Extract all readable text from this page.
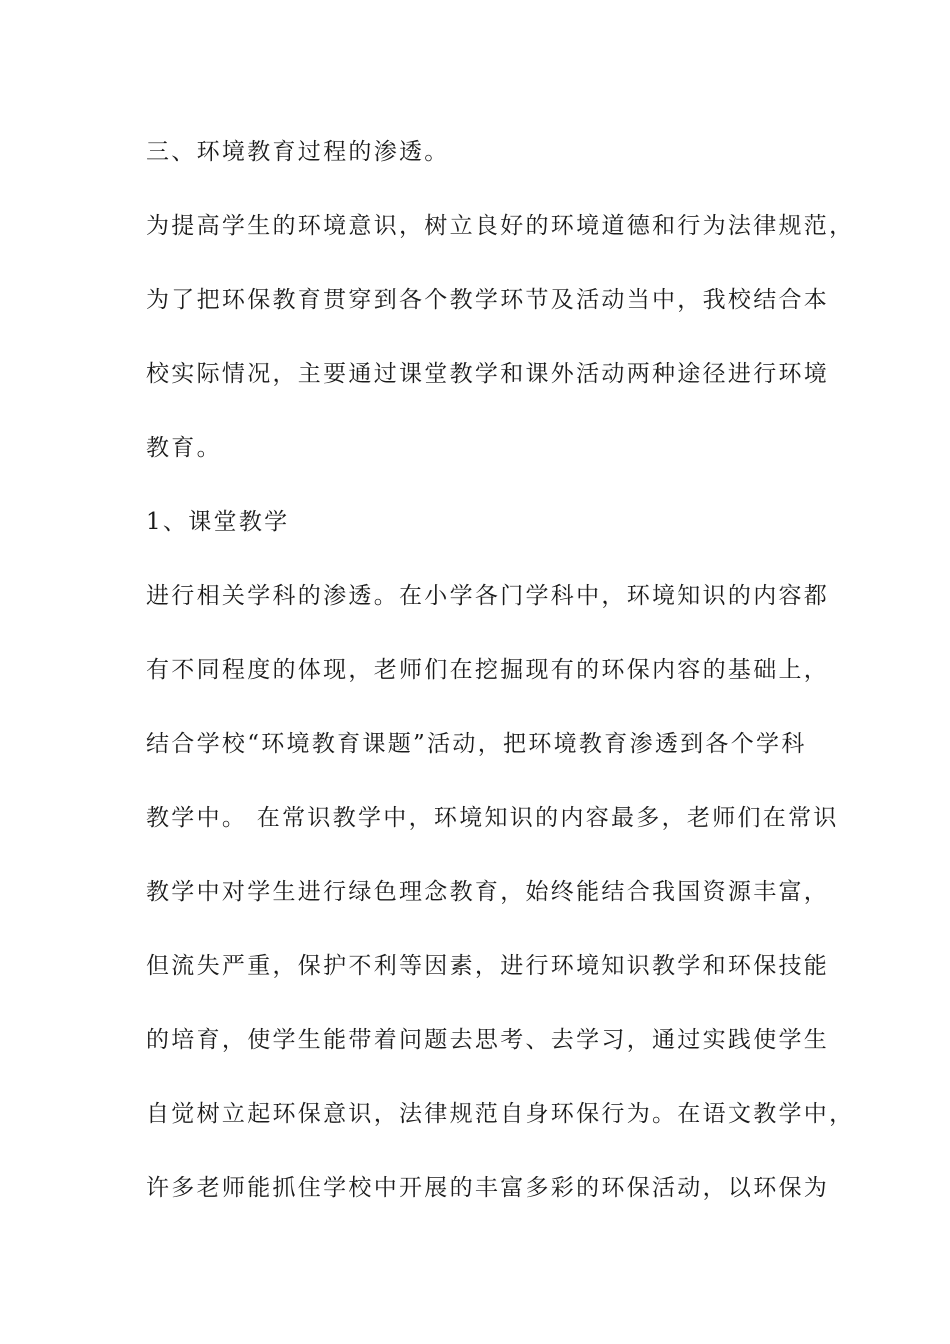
三、环境教育过程的渗透。
为提高学生的环境意识，树立良好的环境道德和行为法律规范，
为了把环保教育贯穿到各个教学环节及活动当中，我校结合本
校实际情况，主要通过课堂教学和课外活动两种途径进行环境
教育。
1、课堂教学
进行相关学科的渗透。在小学各门学科中，环境知识的内容都
有不同程度的体现，老师们在挖掘现有的环保内容的基础上，
结合学校“环境教育课题”活动，把环境教育渗透到各个学科
教学中。 在常识教学中，环境知识的内容最多，老师们在常识
教学中对学生进行绿色理念教育，始终能结合我国资源丰富，
但流失严重，保护不利等因素，进行环境知识教学和环保技能
的培育，使学生能带着问题去思考、去学习，通过实践使学生
自觉树立起环保意识，法律规范自身环保行为。在语文教学中，
许多老师能抓住学校中开展的丰富多彩的环保活动，以环保为
